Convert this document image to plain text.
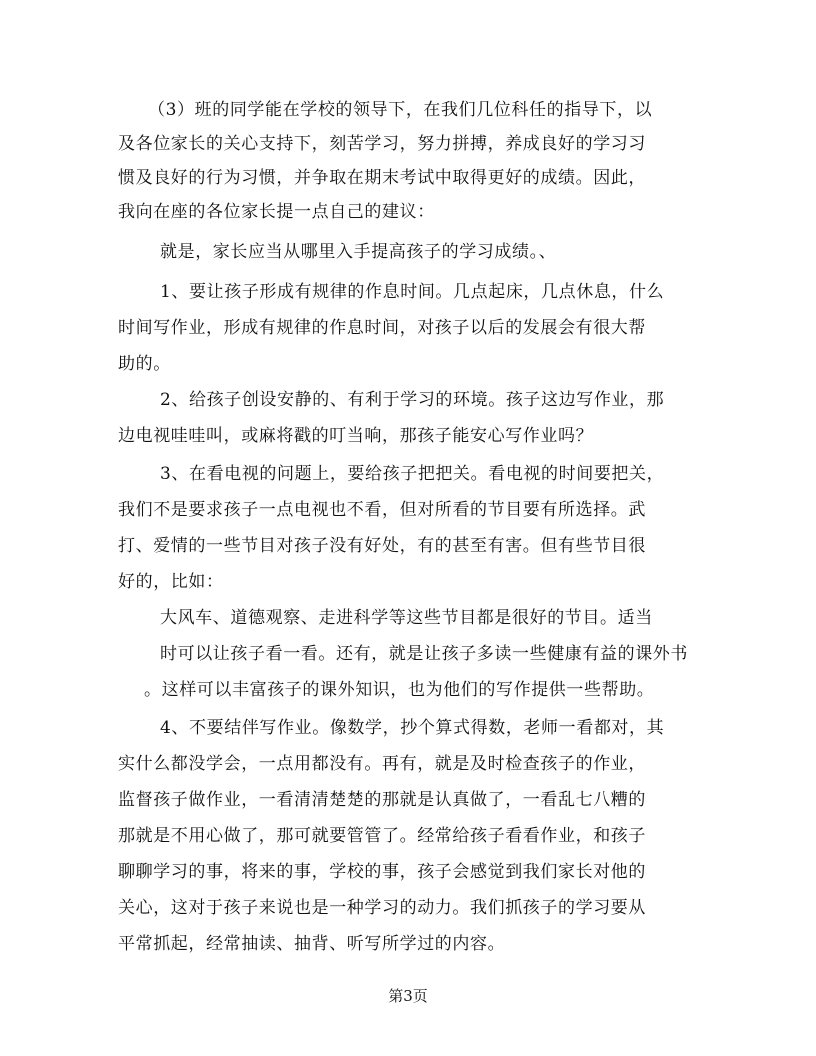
（3）班的同学能在学校的领导下，在我们几位科任的指导下，以
及各位家长的关心支持下，刻苦学习，努力拼搏，养成良好的学习习
惯及良好的行为习惯，并争取在期末考试中取得更好的成绩。因此，
我向在座的各位家长提一点自己的建议：
就是，家长应当从哪里入手提高孩子的学习成绩。、
1、要让孩子形成有规律的作息时间。几点起床，几点休息，什么
时间写作业，形成有规律的作息时间，对孩子以后的发展会有很大帮
助的。
2、给孩子创设安静的、有利于学习的环境。孩子这边写作业，那
边电视哇哇叫，或麻将戳的叮当响，那孩子能安心写作业吗？
3、在看电视的问题上，要给孩子把把关。看电视的时间要把关，
我们不是要求孩子一点电视也不看，但对所看的节目要有所选择。武
打、爱情的一些节目对孩子没有好处，有的甚至有害。但有些节目很
好的，比如：
大风车、道德观察、走进科学等这些节目都是很好的节目。适当
时可以让孩子看一看。还有，就是让孩子多读一些健康有益的课外书
。这样可以丰富孩子的课外知识，也为他们的写作提供一些帮助。
4、不要结伴写作业。像数学，抄个算式得数，老师一看都对，其
实什么都没学会，一点用都没有。再有，就是及时检查孩子的作业，
监督孩子做作业，一看清清楚楚的那就是认真做了，一看乱七八糟的
那就是不用心做了，那可就要管管了。经常给孩子看看作业，和孩子
聊聊学习的事，将来的事，学校的事，孩子会感觉到我们家长对他的
关心，这对于孩子来说也是一种学习的动力。我们抓孩子的学习要从
平常抓起，经常抽读、抽背、听写所学过的内容。
第3页
